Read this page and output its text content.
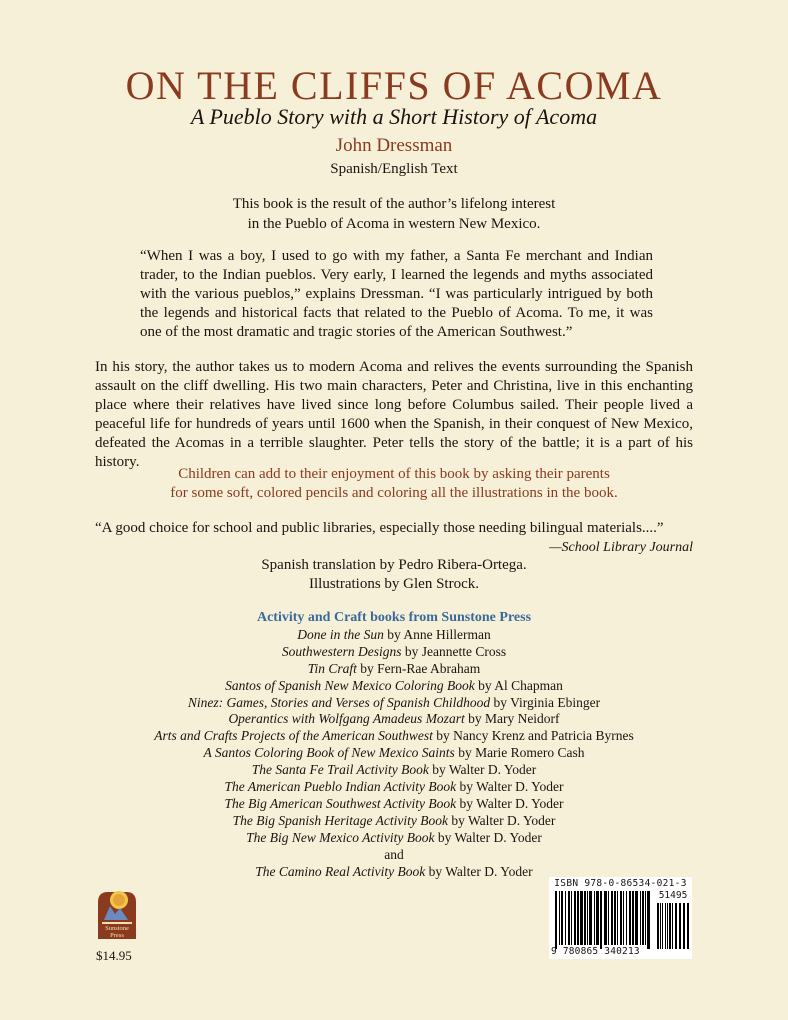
ON THE CLIFFS OF ACOMA
A Pueblo Story with a Short History of Acoma
John Dressman
Spanish/English Text
This book is the result of the author’s lifelong interest
in the Pueblo of Acoma in western New Mexico.
“When I was a boy, I used to go with my father, a Santa Fe merchant and Indian trader, to the Indian pueblos. Very early, I learned the legends and myths associated with the various pueblos,” explains Dressman. “I was particularly intrigued by both the legends and historical facts that related to the Pueblo of Acoma. To me, it was one of the most dramatic and tragic stories of the American Southwest.”
In his story, the author takes us to modern Acoma and relives the events surrounding the Spanish assault on the cliff dwelling. His two main characters, Peter and Christina, live in this enchanting place where their relatives have lived since long before Columbus sailed. Their people lived a peaceful life for hundreds of years until 1600 when the Spanish, in their conquest of New Mexico, defeated the Acomas in a terrible slaughter. Peter tells the story of the battle; it is a part of his history.
Children can add to their enjoyment of this book by asking their parents
for some soft, colored pencils and coloring all the illustrations in the book.
“A good choice for school and public libraries, especially those needing bilingual materials....”
—School Library Journal
Spanish translation by Pedro Ribera-Ortega.
Illustrations by Glen Strock.
Activity and Craft books from Sunstone Press
Done in the Sun by Anne Hillerman
Southwestern Designs by Jeannette Cross
Tin Craft by Fern-Rae Abraham
Santos of Spanish New Mexico Coloring Book by Al Chapman
Ninez: Games, Stories and Verses of Spanish Childhood by Virginia Ebinger
Operantics with Wolfgang Amadeus Mozart by Mary Neidorf
Arts and Crafts Projects of the American Southwest by Nancy Krenz and Patricia Byrnes
A Santos Coloring Book of New Mexico Saints by Marie Romero Cash
The Santa Fe Trail Activity Book by Walter D. Yoder
The American Pueblo Indian Activity Book by Walter D. Yoder
The Big American Southwest Activity Book by Walter D. Yoder
The Big Spanish Heritage Activity Book by Walter D. Yoder
The Big New Mexico Activity Book by Walter D. Yoder
and
The Camino Real Activity Book by Walter D. Yoder
Sunstone
Press
$14.95
ISBN 978-0-86534-021-3
51495
9 780865 340213
